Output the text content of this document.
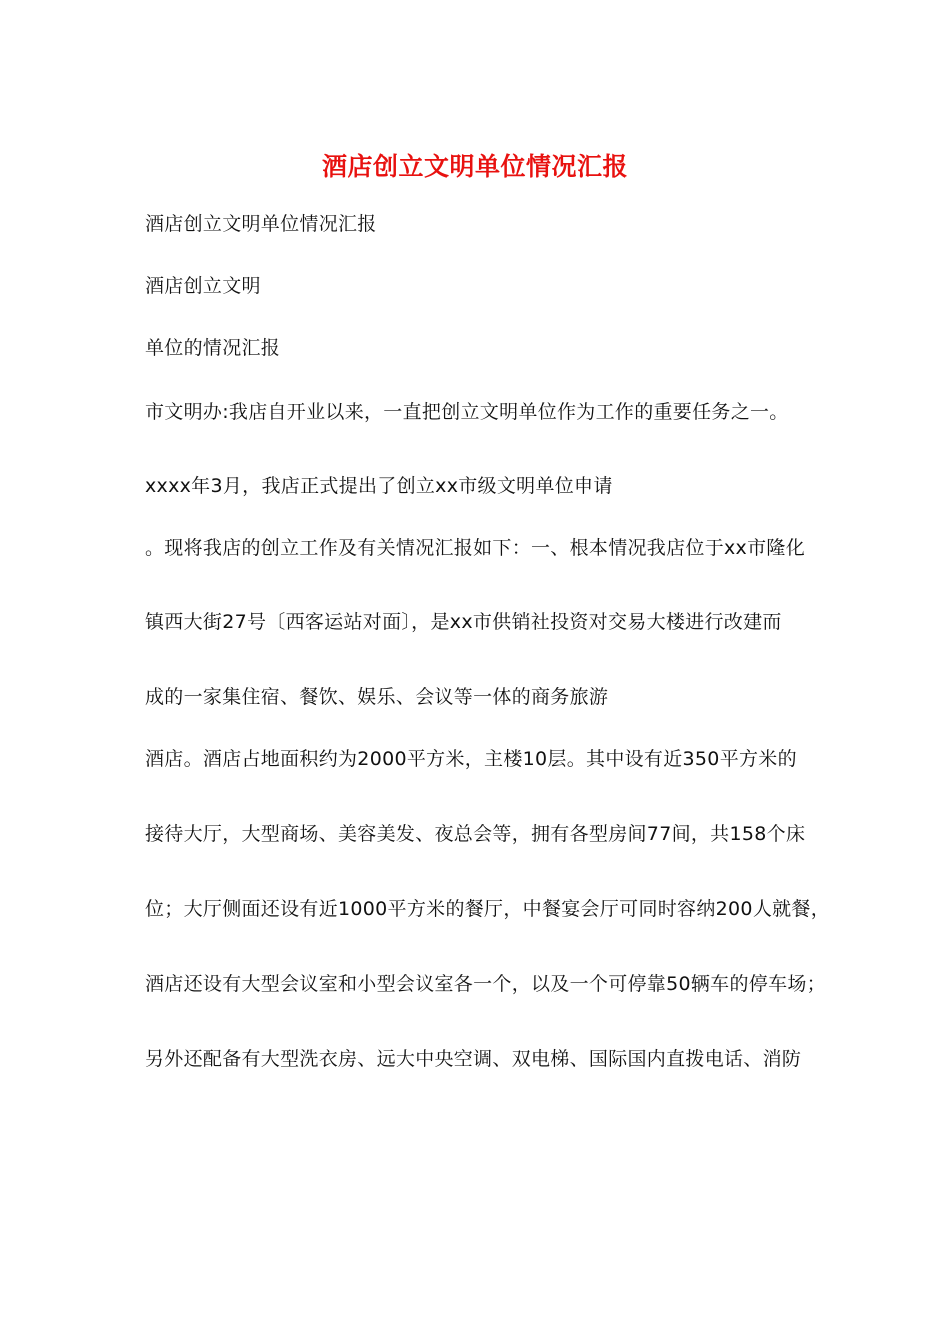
酒店创立文明单位情况汇报

酒店创立文明单位情况汇报

酒店创立文明

单位的情况汇报

市文明办:我店自开业以来，一直把创立文明单位作为工作的重要任务之一。

xxxx年3月，我店正式提出了创立xx市级文明单位申请

。现将我店的创立工作及有关情况汇报如下：一、根本情况我店位于xx市隆化

镇西大街27号〔西客运站对面〕，是xx市供销社投资对交易大楼进行改建而

成的一家集住宿、餐饮、娱乐、会议等一体的商务旅游

酒店。酒店占地面积约为2000平方米，主楼10层。其中设有近350平方米的

接待大厅，大型商场、美容美发、夜总会等，拥有各型房间77间，共158个床

位；大厅侧面还设有近1000平方米的餐厅，中餐宴会厅可同时容纳200人就餐，

酒店还设有大型会议室和小型会议室各一个，以及一个可停靠50辆车的停车场；

另外还配备有大型洗衣房、远大中央空调、双电梯、国际国内直拨电话、消防
